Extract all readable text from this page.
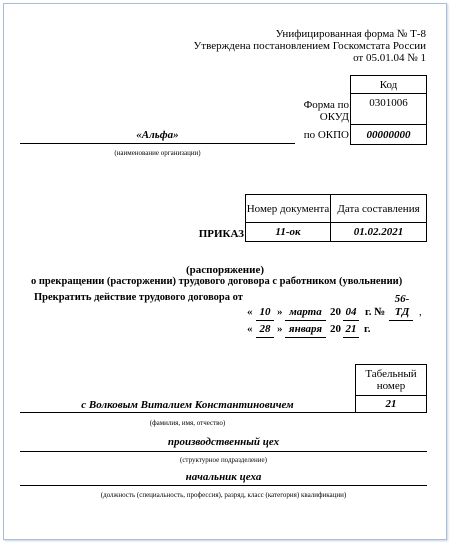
Унифицированная форма № Т-8
Утверждена постановлением Госкомстата России
от 05.01.04 № 1
Код
0301006
00000000
Форма по
ОКУД
по ОКПО
«Альфа»
(наименование организации)
Номер документа Дата составления
11-ок	01.02.2021
ПРИКАЗ
(распоряжение)
о прекращении (расторжении) трудового договора с работником (увольнении)
Прекратить действие трудового договора от
« 10 » марта 20 04 г. №
56-ТД ,
« 28 » января 20 21 г.
Табельный номер
21
с Волковым Виталием Константиновичем
(фамилия, имя, отчество)
производственный цех
(структурное подразделение)
начальник цеха
(должность (специальность, профессия), разряд, класс (категория) квалификации)
